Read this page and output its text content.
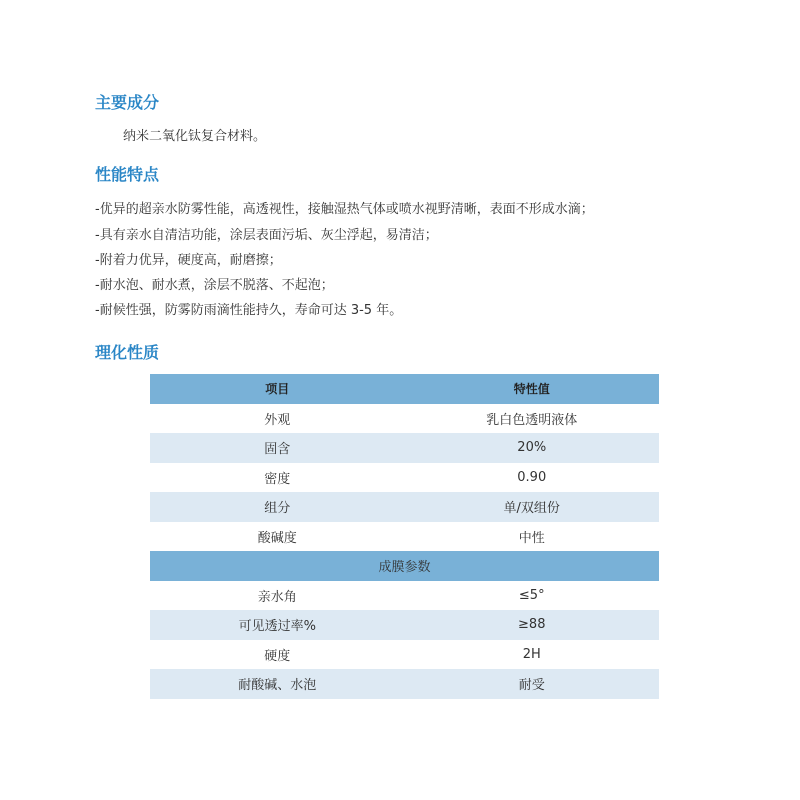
主要成分

纳米二氧化钛复合材料。

性能特点

-优异的超亲水防雾性能，高透视性，接触湿热气体或喷水视野清晰，表面不形成水滴；

-具有亲水自清洁功能，涂层表面污垢、灰尘浮起，易清洁；

-附着力优异，硬度高，耐磨擦；

-耐水泡、耐水煮，涂层不脱落、不起泡；

-耐候性强，防雾防雨滴性能持久，寿命可达 3-5 年。

理化性质
项目	特性值
外观	乳白色透明液体
固含	20%
密度	0.90
组分	单/双组份
酸碱度	中性
成膜参数	
亲水角	≤5°
可见透过率%	≥88
硬度	2H
耐酸碱、水泡	耐受
